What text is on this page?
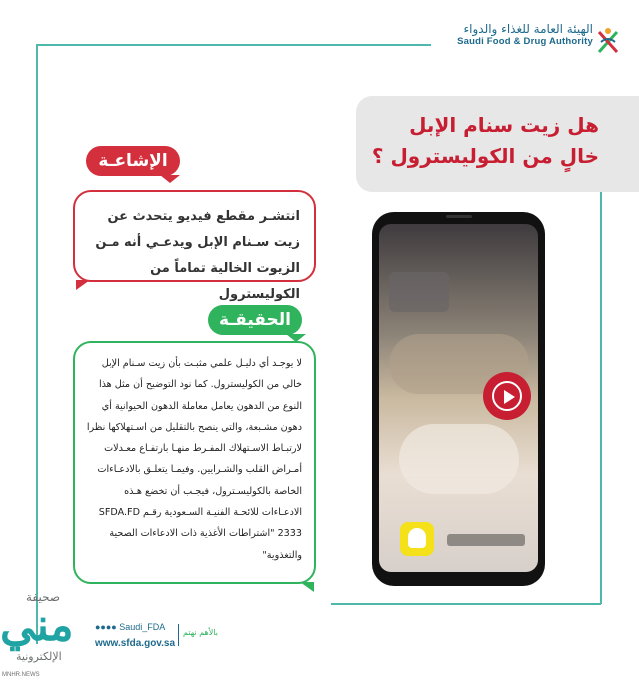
الهيئة العامة للغذاء والدواء
Saudi Food & Drug Authority
هل زيت سنام الإبل
خالٍ من الكوليسترول ؟
الإشاعـة
انتشـر مقطع فيديو يتحدث عن زيت سـنام الإبل ويدعـي أنه مـن الزيوت الخالية تماماً من الكوليسترول
الحقيقـة
لا يوجـد أي دليـل علمي مثبـت بأن زيت سـنام الإبل خالي من الكوليسترول. كما نود التوضيح أن مثل هذا النوع من الدهون يعامل معاملة الدهون الحيوانية أي دهون مشـبعة، والتي ينصح بالتقليل من اسـتهلاكها نظرا لارتبـاط الاسـتهلاك المفـرط منهـا بارتفـاع معـدلات أمـراض القلب والشـرايين. وفيمـا يتعلـق بالادعـاءات الخاصة بالكوليسـترول، فيجـب أن تخضع هـذه الادعـاءات للائحـة الفنيـة السـعودية رقـم SFDA.FD 2333 "اشتراطات الأغذية ذات الادعاءات الصحية والتغذوية"
●●●● Saudi_FDA
www.sfda.gov.sa
بالأهم نهتم
صحيفة
مني
الإلكترونية
MNHR.NEWS
